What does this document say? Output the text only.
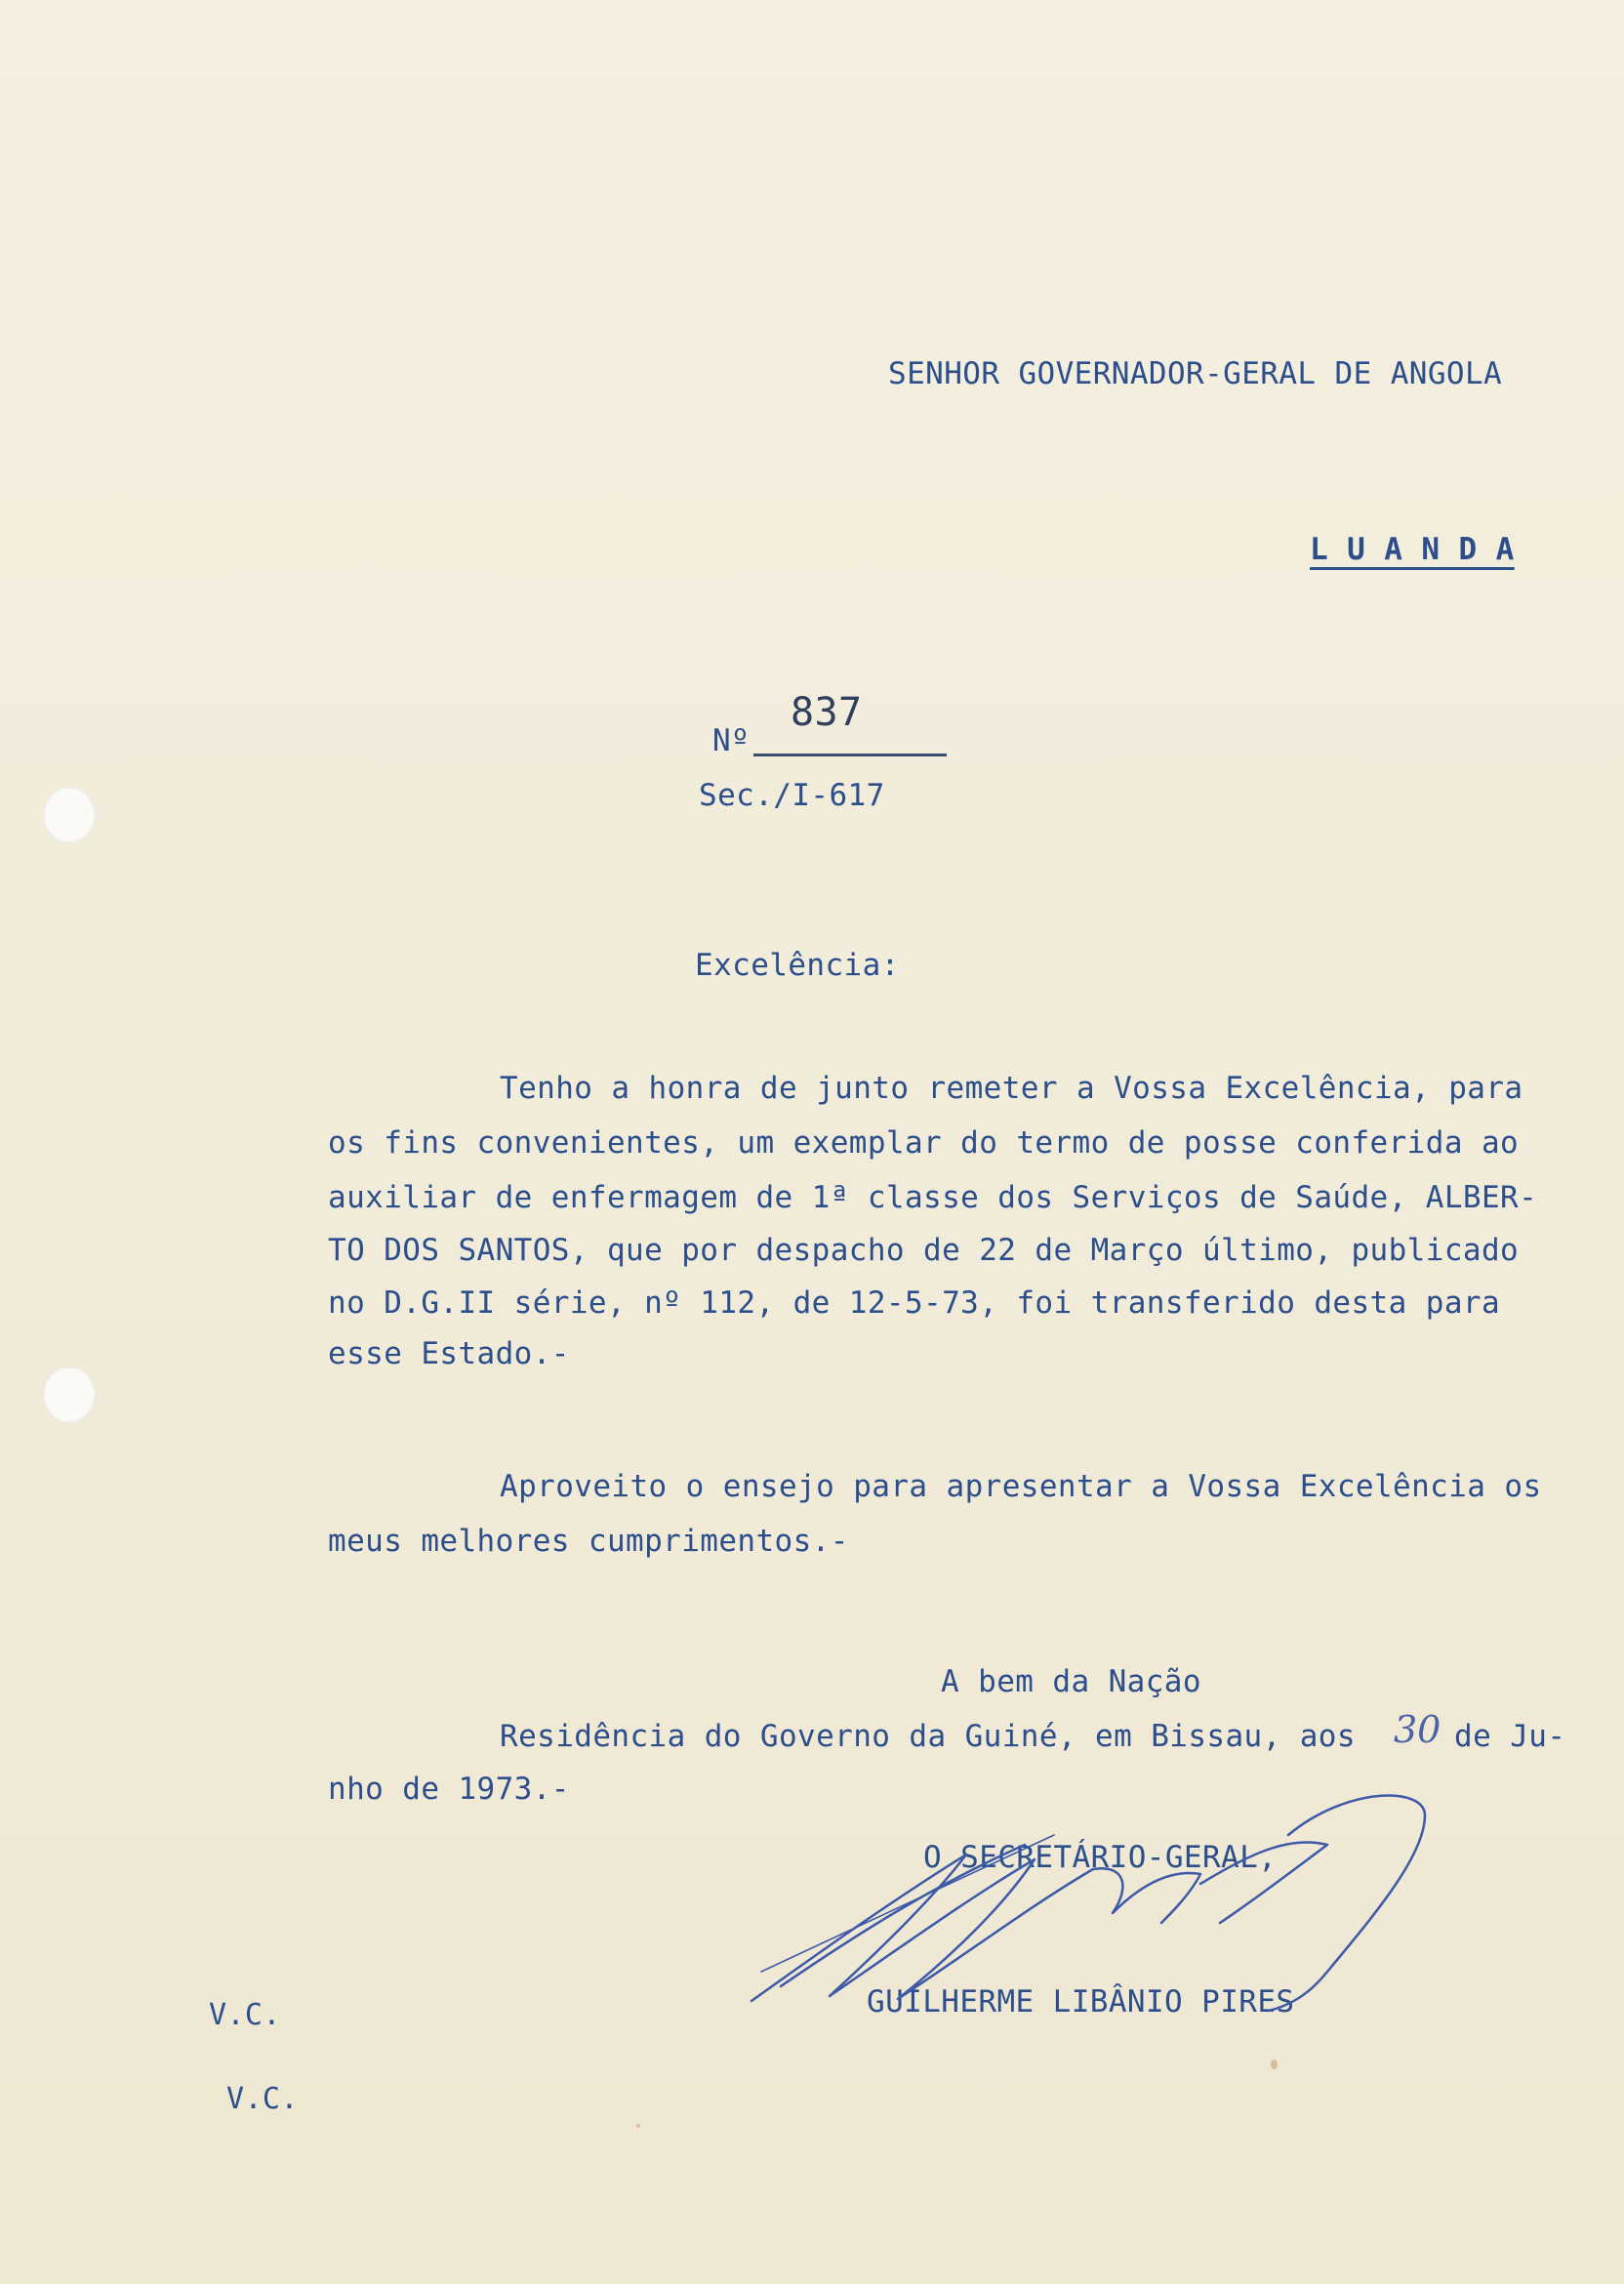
SENHOR GOVERNADOR-GERAL DE ANGOLA
L U A N D A
Nº
837
Sec./I-617
Excelência:
Tenho a honra de junto remeter a Vossa Excelência, para
os fins convenientes, um exemplar do termo de posse conferida ao
auxiliar de enfermagem de 1ª classe dos Serviços de Saúde, ALBER-
TO DOS SANTOS, que por despacho de 22 de Março último, publicado
no D.G.II série, nº 112, de 12-5-73, foi transferido desta para
esse Estado.-
Aproveito o ensejo para apresentar a Vossa Excelência os
meus melhores cumprimentos.-
A bem da Nação
Residência do Governo da Guiné, em Bissau, aos 30 de Ju-
nho de 1973.-
O SECRETÁRIO-GERAL,
GUILHERME LIBÂNIO PIRES
V.C.
V.C.
